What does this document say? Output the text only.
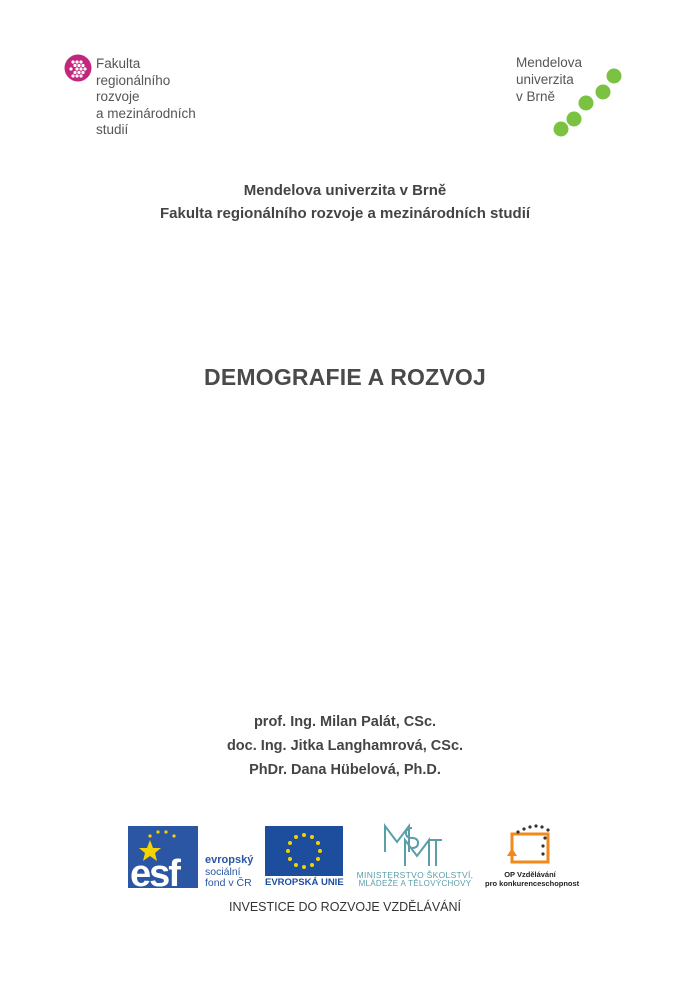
Fakulta
regionálního
rozvoje
a mezinárodních
studií
Mendelova
univerzita
v Brně
Mendelova univerzita v Brně
Fakulta regionálního rozvoje a mezinárodních studií
DEMOGRAFIE A ROZVOJ
prof. Ing. Milan Palát, CSc.
doc. Ing. Jitka Langhamrová, CSc.
PhDr. Dana Hübelová, Ph.D.
esf evropský
sociální
fond v ČR EVROPSKÁ UNIE
MINISTERSTVO ŠKOLSTVÍ,
MLÁDEŽE A TĚLOVÝCHOVY
OP Vzdělávání
pro konkurenceschopnost
INVESTICE DO ROZVOJE VZDĚLÁVÁNÍ
